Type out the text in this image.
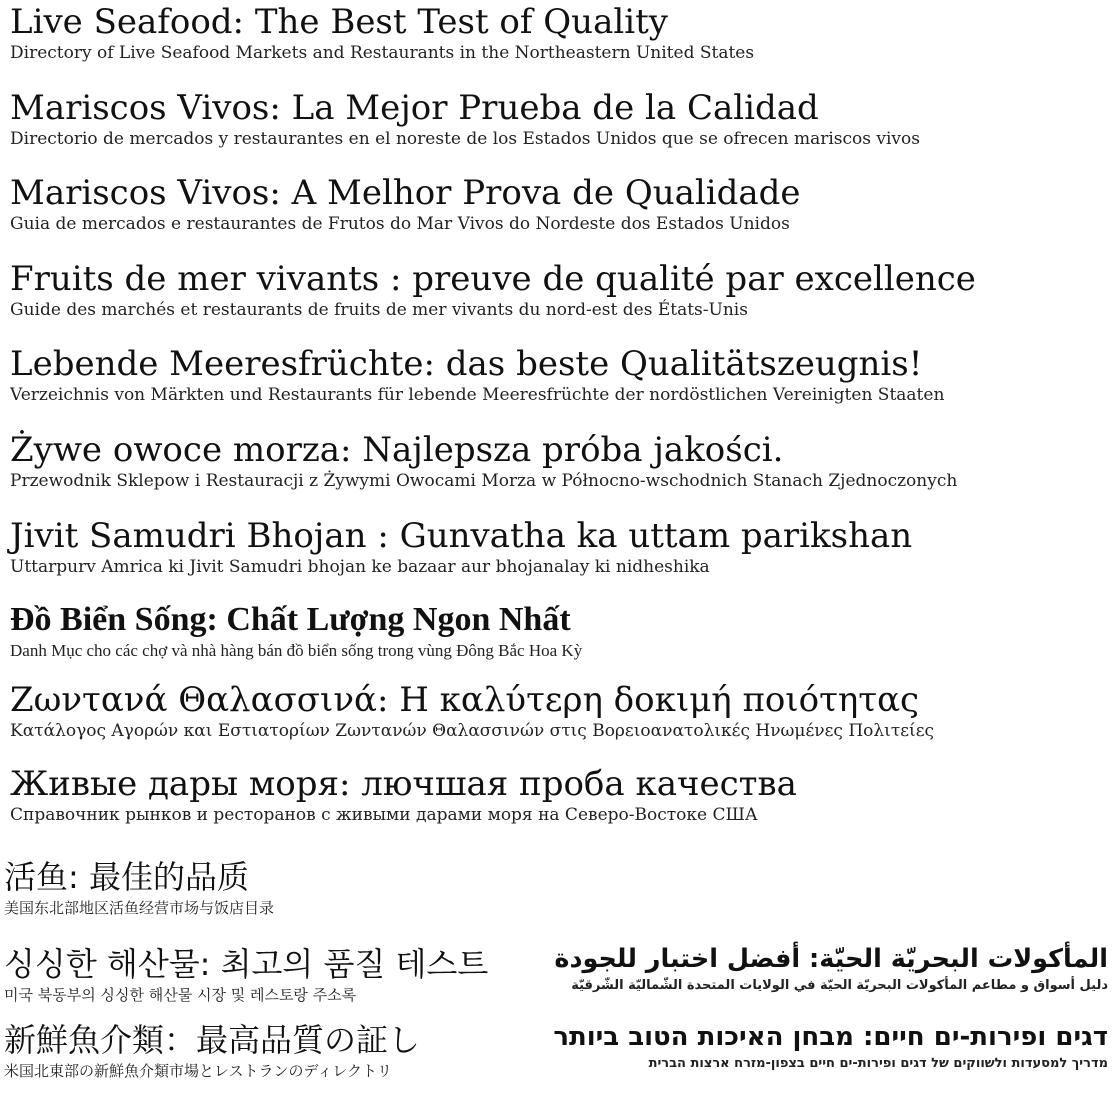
Live Seafood: The Best Test of Quality
Directory of Live Seafood Markets and Restaurants in the Northeastern United States
Mariscos Vivos: La Mejor Prueba de la Calidad
Directorio de mercados y restaurantes en el noreste de los Estados Unidos que se ofrecen mariscos vivos
Mariscos Vivos: A Melhor Prova de Qualidade
Guia de mercados e restaurantes de Frutos do Mar Vivos do Nordeste dos Estados Unidos
Fruits de mer vivants : preuve de qualité par excellence
Guide des marchés et restaurants de fruits de mer vivants du nord-est des États-Unis
Lebende Meeresfrüchte: das beste Qualitätszeugnis!
Verzeichnis von Märkten und Restaurants für lebende Meeresfrüchte der nordöstlichen Vereinigten Staaten
Żywe owoce morza: Najlepsza próba jakości.
Przewodnik Sklepow i Restauracji z Żywymi Owocami Morza w Północno-wschodnich Stanach Zjednoczonych
Jivit Samudri Bhojan : Gunvatha ka uttam parikshan
Uttarpurv Amrica ki Jivit Samudri bhojan ke bazaar aur bhojanalay ki nidheshika
Đồ Biển Sống: Chất Lượng Ngon Nhất
Danh Mục cho các chợ và nhà hàng bán đồ biển sống trong vùng Đông Bắc Hoa Kỳ
Ζωντανά Θαλασσινά: Η καλύτερη δοκιμή ποιότητας
Κατάλογος Αγορών και Εστιατορίων Ζωντανών Θαλασσινών στις Βορειοανατολικές Ηνωμένες Πολιτείες
Живые дары моря: лючшая проба качества
Справочник рынков и ресторанов с живыми дарами моря на Северо-Востоке США
活鱼: 最佳的品质
美国东北部地区活鱼经营市场与饭店目录
싱싱한 해산물: 최고의 품질 테스트
미국 북동부의 싱싱한 해산물 시장 및 레스토랑 주소록
新鮮魚介類：最高品質の証し
米国北東部の新鮮魚介類市場とレストランのディレクトリ
المأكولات البحريّة الحيّة: أفضل اختبار للجودة
دليل أسواق و مطاعم المأكولات البحريّة الحيّة في الولايات المتحدة الشّماليّة الشّرقيّة
דגים ופירות-ים חיים: מבחן האיכות הטוב ביותר
מדריך למסעדות ולשווקים של דגים ופירות-ים חיים בצפון-מזרח ארצות הברית
